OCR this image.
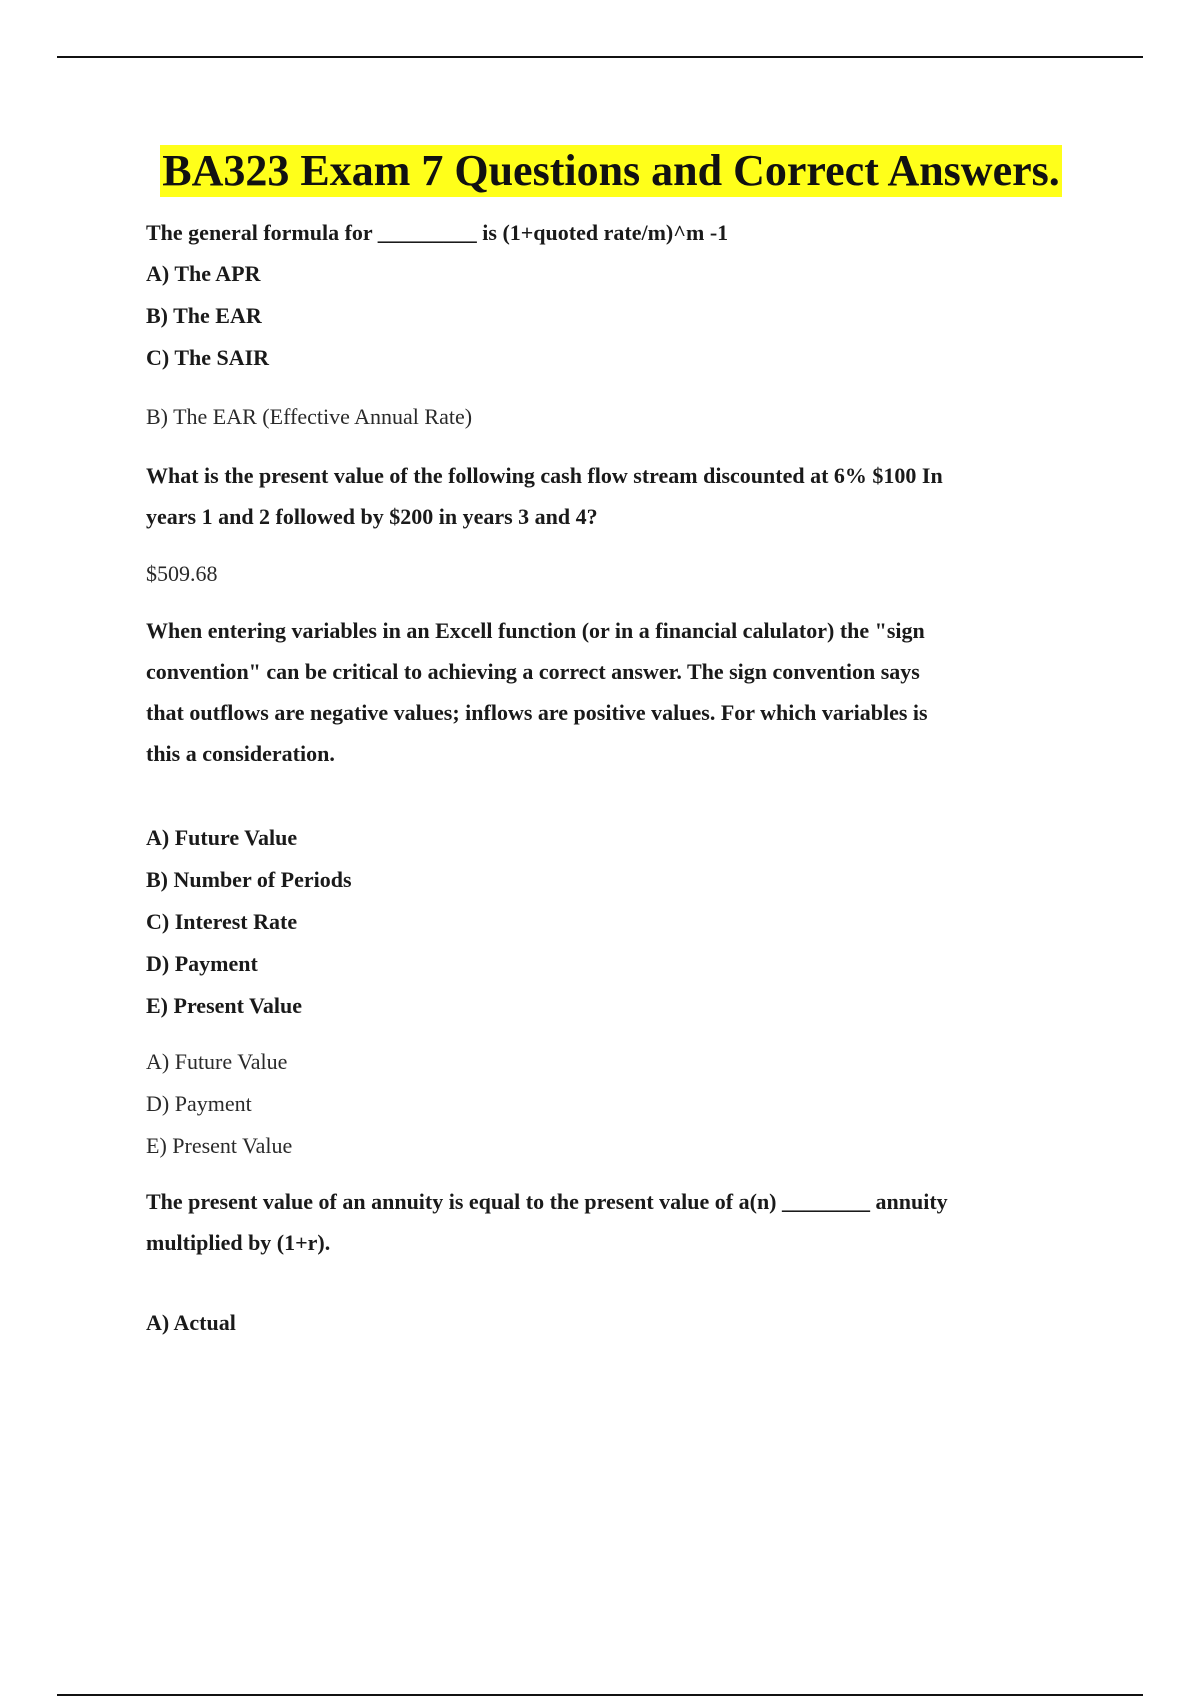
BA323 Exam 7 Questions and Correct Answers.

The general formula for _________ is (1+quoted rate/m)^m -1

A) The APR

B) The EAR

C) The SAIR

B) The EAR (Effective Annual Rate)

What is the present value of the following cash flow stream discounted at 6% $100 In

years 1 and 2 followed by $200 in years 3 and 4?

$509.68

When entering variables in an Excell function (or in a financial calulator) the "sign

convention" can be critical to achieving a correct answer. The sign convention says

that outflows are negative values; inflows are positive values. For which variables is

this a consideration.

A) Future Value

B) Number of Periods

C) Interest Rate

D) Payment

E) Present Value

A) Future Value

D) Payment

E) Present Value

The present value of an annuity is equal to the present value of a(n) ________ annuity

multiplied by (1+r).

A) Actual
